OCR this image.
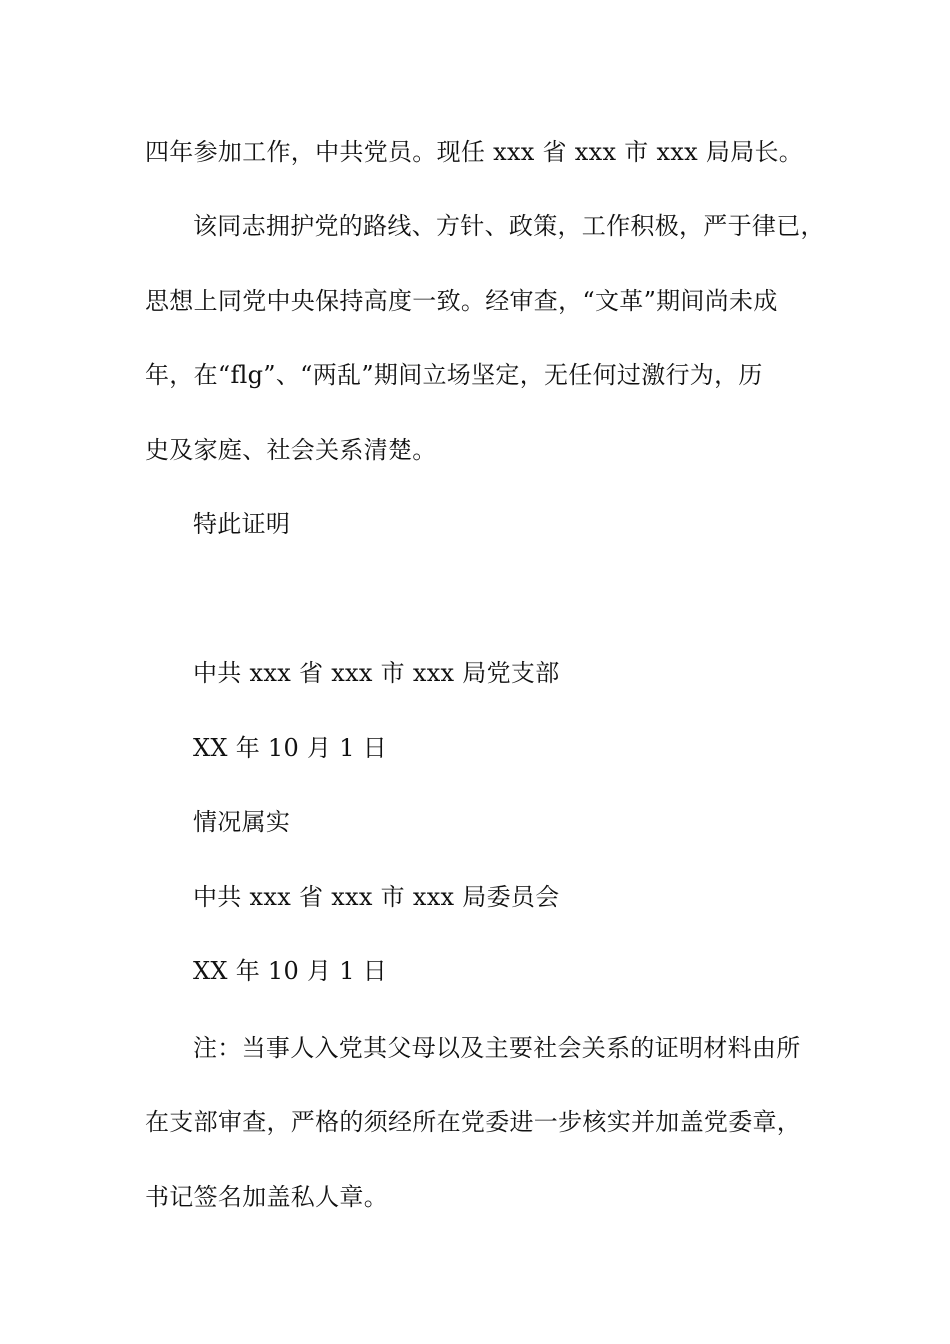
四年参加工作，中共党员。现任 xxx 省 xxx 市 xxx 局局长。
该同志拥护党的路线、方针、政策，工作积极，严于律已，
思想上同党中央保持高度一致。经审查，“文革”期间尚未成
年，在“flg”、“两乱”期间立场坚定，无任何过激行为，历
史及家庭、社会关系清楚。
特此证明
中共 xxx 省 xxx 市 xxx 局党支部
XX 年 10 月 1 日
情况属实
中共 xxx 省 xxx 市 xxx 局委员会
XX 年 10 月 1 日
注：当事人入党其父母以及主要社会关系的证明材料由所
在支部审查，严格的须经所在党委进一步核实并加盖党委章，
书记签名加盖私人章。
